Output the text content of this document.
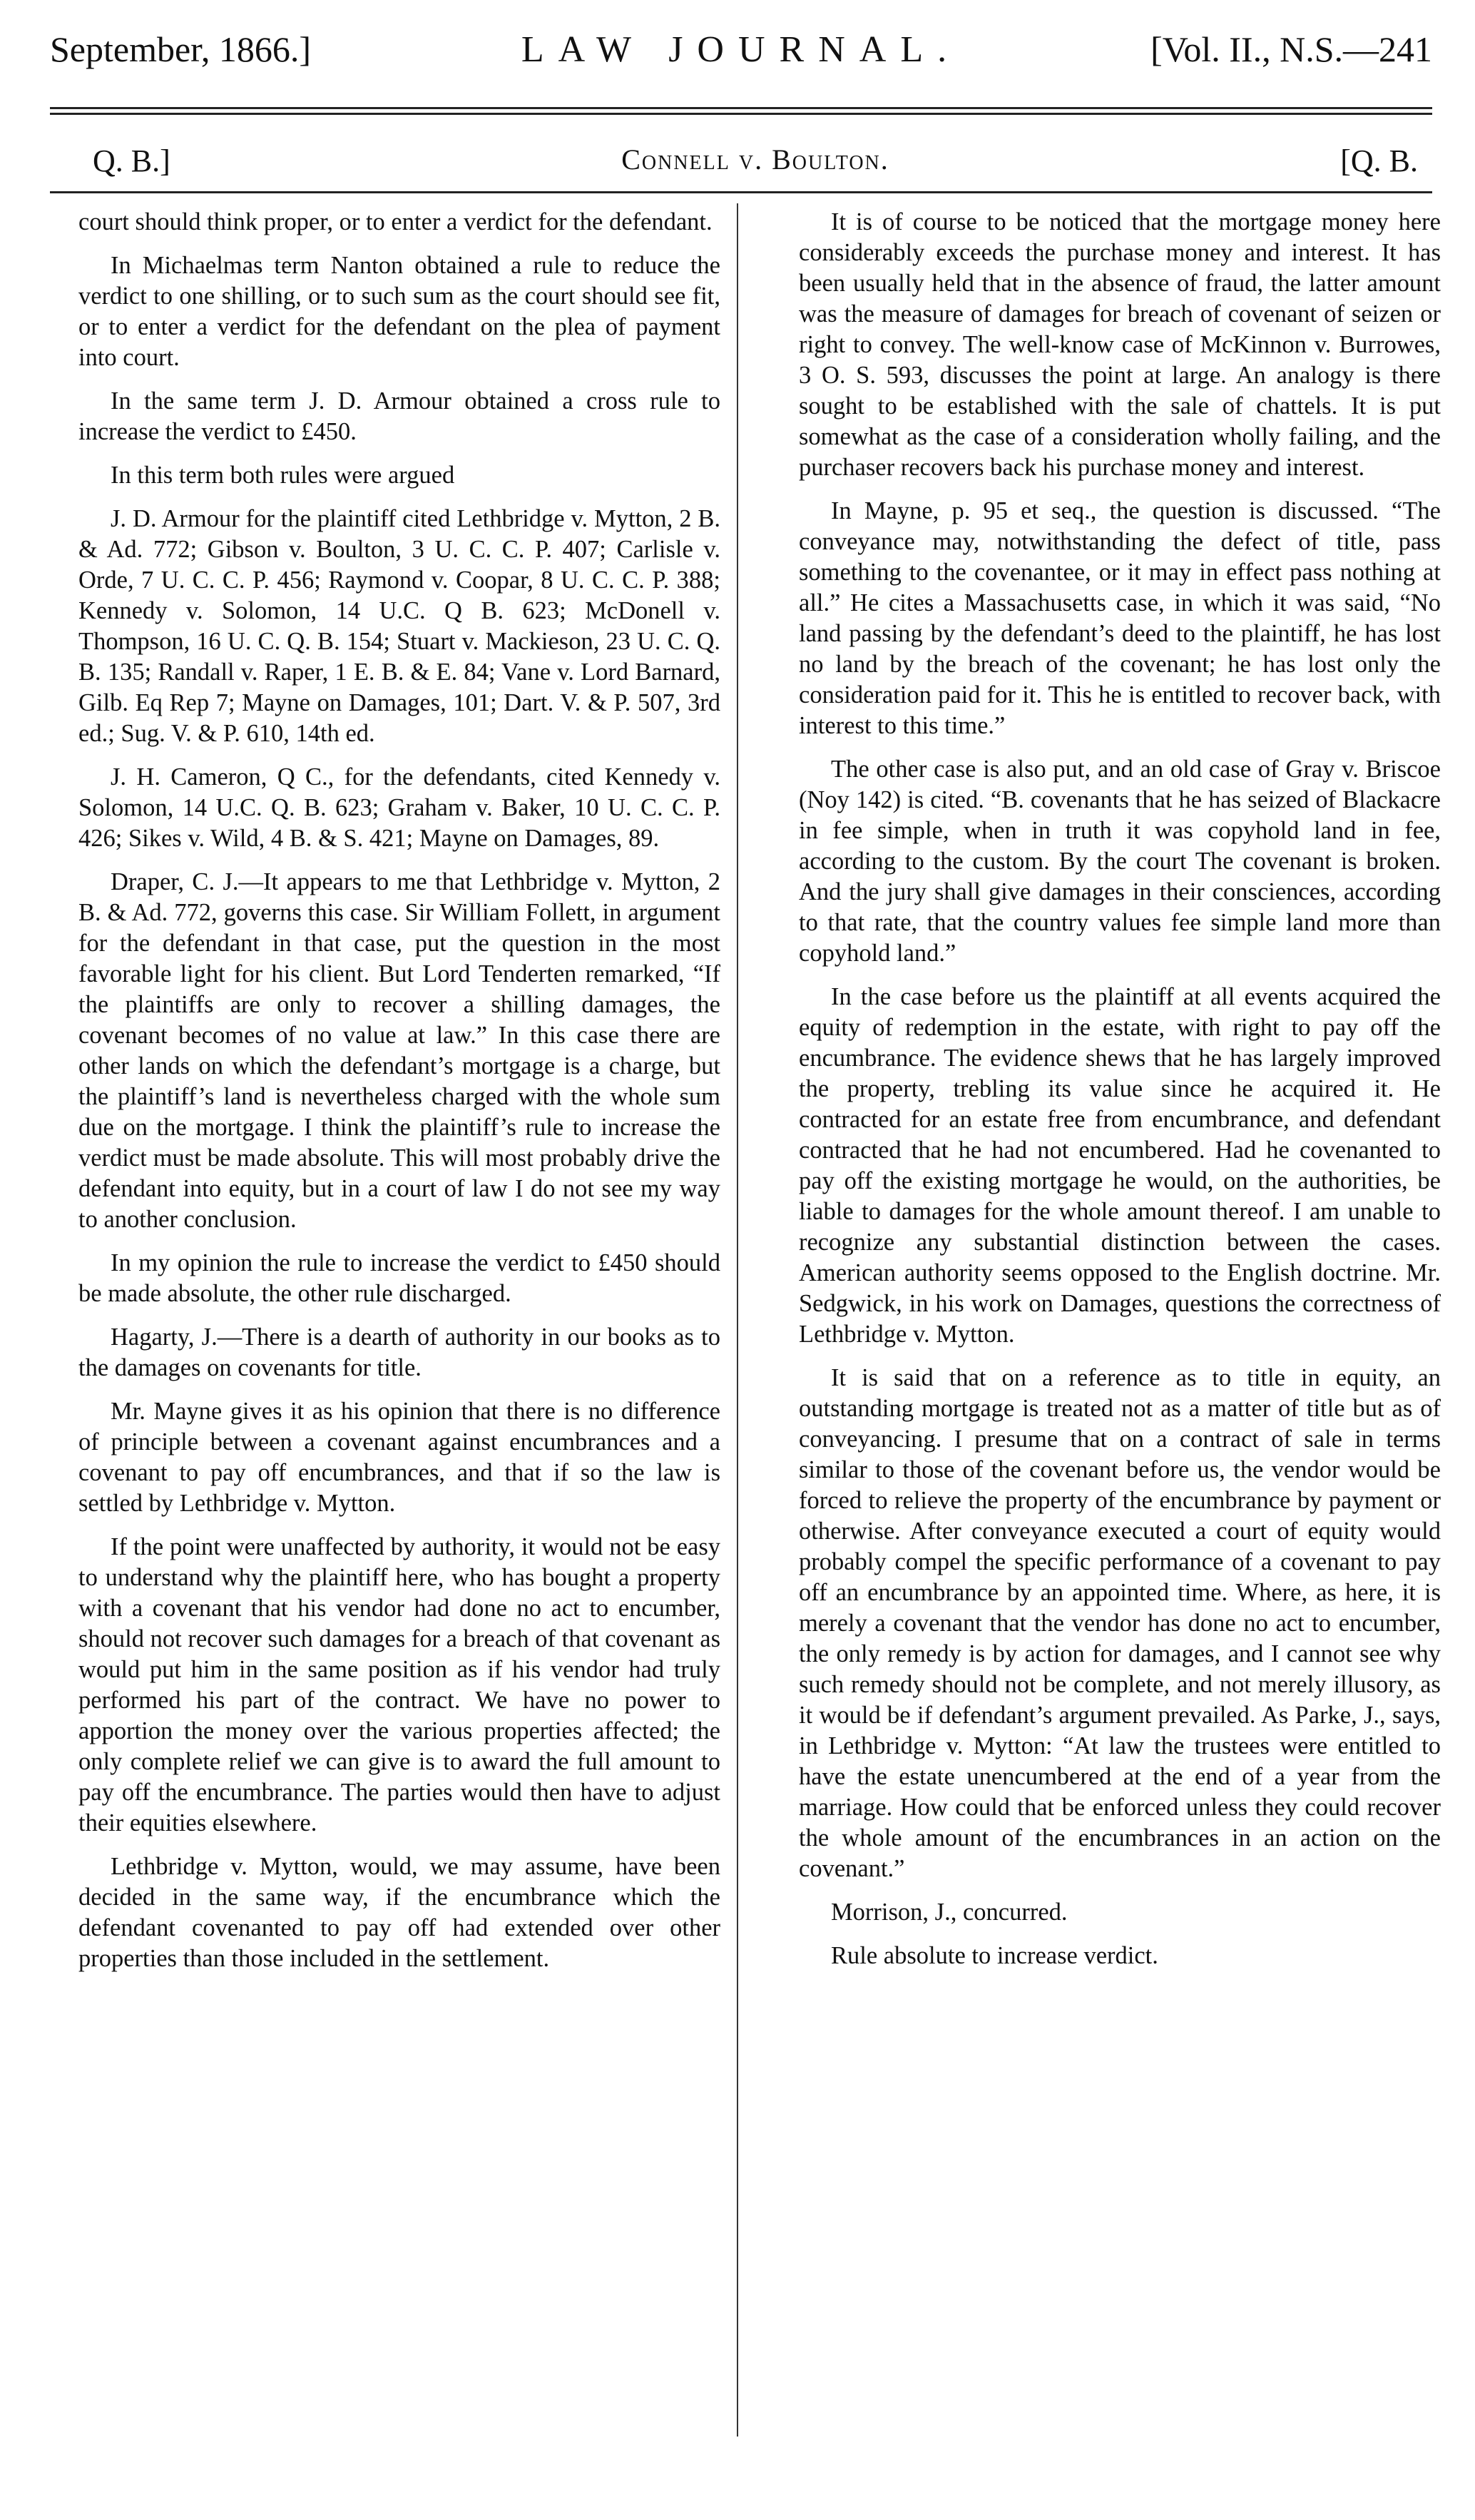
September, 1866.]	LAW JOURNAL.	[Vol. II., N.S.—241
Q. B.]	Connell v. Boulton.	[Q. B.

court should think proper, or to enter a verdict for the defendant.

In Michaelmas term Nanton obtained a rule to reduce the verdict to one shilling, or to such sum as the court should see fit, or to enter a verdict for the defendant on the plea of payment into court.

In the same term J. D. Armour obtained a cross rule to increase the verdict to £450.

In this term both rules were argued

J. D. Armour for the plaintiff cited Lethbridge v. Mytton, 2 B. & Ad. 772; Gibson v. Boulton, 3 U. C. C. P. 407; Carlisle v. Orde, 7 U. C. C. P. 456; Raymond v. Coopar, 8 U. C. C. P. 388; Kennedy v. Solomon, 14 U.C. Q B. 623; McDonell v. Thompson, 16 U. C. Q. B. 154; Stuart v. Mackieson, 23 U. C. Q. B. 135; Randall v. Raper, 1 E. B. & E. 84; Vane v. Lord Barnard, Gilb. Eq Rep 7; Mayne on Damages, 101; Dart. V. & P. 507, 3rd ed.; Sug. V. & P. 610, 14th ed.

J. H. Cameron, Q C., for the defendants, cited Kennedy v. Solomon, 14 U.C. Q. B. 623; Graham v. Baker, 10 U. C. C. P. 426; Sikes v. Wild, 4 B. & S. 421; Mayne on Damages, 89.

Draper, C. J.—It appears to me that Lethbridge v. Mytton, 2 B. & Ad. 772, governs this case. Sir William Follett, in argument for the defendant in that case, put the question in the most favorable light for his client. But Lord Tenderten remarked, “If the plaintiffs are only to recover a shilling damages, the covenant becomes of no value at law.” In this case there are other lands on which the defendant’s mortgage is a charge, but the plaintiff’s land is nevertheless charged with the whole sum due on the mortgage. I think the plaintiff’s rule to increase the verdict must be made absolute. This will most probably drive the defendant into equity, but in a court of law I do not see my way to another conclusion.

In my opinion the rule to increase the verdict to £450 should be made absolute, the other rule discharged.

Hagarty, J.—There is a dearth of authority in our books as to the damages on covenants for title.

Mr. Mayne gives it as his opinion that there is no difference of principle between a covenant against encumbrances and a covenant to pay off encumbrances, and that if so the law is settled by Lethbridge v. Mytton.

If the point were unaffected by authority, it would not be easy to understand why the plaintiff here, who has bought a property with a covenant that his vendor had done no act to encumber, should not recover such damages for a breach of that covenant as would put him in the same position as if his vendor had truly performed his part of the contract. We have no power to apportion the money over the various properties affected; the only complete relief we can give is to award the full amount to pay off the encumbrance. The parties would then have to adjust their equities elsewhere.

Lethbridge v. Mytton, would, we may assume, have been decided in the same way, if the encumbrance which the defendant covenanted to pay off had extended over other properties than those included in the settlement.

It is of course to be noticed that the mortgage money here considerably exceeds the purchase money and interest. It has been usually held that in the absence of fraud, the latter amount was the measure of damages for breach of covenant of seizen or right to convey. The well-know case of McKinnon v. Burrowes, 3 O. S. 593, discusses the point at large. An analogy is there sought to be established with the sale of chattels. It is put somewhat as the case of a consideration wholly failing, and the purchaser recovers back his purchase money and interest.

In Mayne, p. 95 et seq., the question is discussed. “The conveyance may, notwithstanding the defect of title, pass something to the covenantee, or it may in effect pass nothing at all.” He cites a Massachusetts case, in which it was said, “No land passing by the defendant’s deed to the plaintiff, he has lost no land by the breach of the covenant; he has lost only the consideration paid for it. This he is entitled to recover back, with interest to this time.”

The other case is also put, and an old case of Gray v. Briscoe (Noy 142) is cited. “B. covenants that he has seized of Blackacre in fee simple, when in truth it was copyhold land in fee, according to the custom. By the court The covenant is broken. And the jury shall give damages in their consciences, according to that rate, that the country values fee simple land more than copyhold land.”

In the case before us the plaintiff at all events acquired the equity of redemption in the estate, with right to pay off the encumbrance. The evidence shews that he has largely improved the property, trebling its value since he acquired it. He contracted for an estate free from encumbrance, and defendant contracted that he had not encumbered. Had he covenanted to pay off the existing mortgage he would, on the authorities, be liable to damages for the whole amount thereof. I am unable to recognize any substantial distinction between the cases. American authority seems opposed to the English doctrine. Mr. Sedgwick, in his work on Damages, questions the correctness of Lethbridge v. Mytton.

It is said that on a reference as to title in equity, an outstanding mortgage is treated not as a matter of title but as of conveyancing. I presume that on a contract of sale in terms similar to those of the covenant before us, the vendor would be forced to relieve the property of the encumbrance by payment or otherwise. After conveyance executed a court of equity would probably compel the specific performance of a covenant to pay off an encumbrance by an appointed time. Where, as here, it is merely a covenant that the vendor has done no act to encumber, the only remedy is by action for damages, and I cannot see why such remedy should not be complete, and not merely illusory, as it would be if defendant’s argument prevailed. As Parke, J., says, in Lethbridge v. Mytton: “At law the trustees were entitled to have the estate unencumbered at the end of a year from the marriage. How could that be enforced unless they could recover the whole amount of the encumbrances in an action on the covenant.”

Morrison, J., concurred.

Rule absolute to increase verdict.
